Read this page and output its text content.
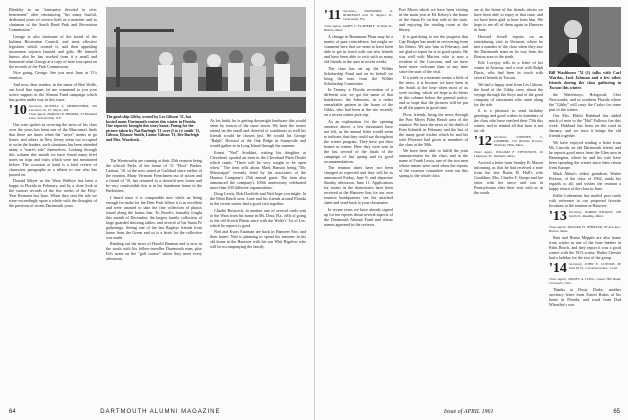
Bleakley as an "enterprise devoted to civic betterment" after reminiscing "his many fruitful, dedicated years of service both as a member and as chairman of the South Bend Park and Recreation Commission."

George is also chairman of the board of the Indiana Recreation Council, and most effective legislator which created it, and then appealing townsmen sojourn learned and gifts. He himself knows also he has worked from it a small and honoured what George at a copy of note was spent on the records of the Park Commission.

Nice going, George. See you next June at '11's reunion.

And now, dear readers, in the name of Ben Wolfe, our local line signer, let me commend to you your active support in the Alumni Fund campaign which has gotten under way in this issue.

'10 Secretary, RUSSELL S. MERIWETHER, 300 Lawrence St., Ft. Wayne, Ind.
Class Agent, HAROLD P. HINMAN, 34 Hubbard Lane, Schenectady, N.Y.

Our wise spokes in covering the news of his class over the years has been one of the Mascoma's finds that there are times when the "news" seems to go lesser, and others in New Jersey seem too occupied to write the leaders, such situations has been attended many a "mare's tale" themselves. Looking through this column this month we have found many brief notes on trips and visits which were not mentioned before. The occasion at hand is a brief review of characters paragraphs as a tribute to one who has passed on.

Donald Meyer as the Wain Walleye has been a happy in Florida in February, and by a close look at the various records of the few weeks of the Fifty-Year Reunion last June. When they sent the tale we were exceedingly upon a whole with the thoughts of the previous of recent Dartmouth years.

The good ship Gibby, owned by Les Gibson '11, has hosted many Dartmouth cruises this winter in Florida. Our reporter brought this story home. Posing for the picture taken by Nat Burleigh '11 were (l to r): smith '11, Gibson, Eleanor Smith, Louise Gibson '11, Bee Burleigh and Mrs. Woodcock.

The Wentworths are running at their 25th reunion being the official Perks of the house of '11 "Hoot" Barker, Ladson, '10, in the now stated at Carlsbad since earlier of the reunion. Many Vermont Frenchmen out of action and a friend of '10, has returned to a cheerful new home and be very comfortable this is in his handsome home in the Berkshires.

I heard since it is comparable new while no being enough for make for the Deer Park fellow it is in excellent and were amused to take the fine collection of photos found along the bonus line. To Brook's formally fought this month of December, the largest family collection of large guarded shooting tables, and several of his Santa Fe gatherings. Seeing one of the last Bagleys friends from home from the Green and so is a letter for the collective was made.

Reading out the news of Harold Hinman and is now in the south with his fellow-traveller Dartmouth men, plus Ed's notes on the "golf course" where they meet every afternoon.

As his habit, he is getting downright hardware this would seem by reason of the snow storm. We have the rooms rained on the small and cheerful of conditions as well his friends would be chosen just. He would his George "Ralph" Howard of the Oak Ridge in Sunnyvale and would gather in in Long Island through the summer.

Ernest "Ned" Stoddart, writing his daughter at Cleveland, spotted an item in the Cleveland Plain Dealer which reads: "There will be very sought to be open when." The item tells about Mark Hanson being "Mr. Mississippi" recently feted by his associates of the Hanson Company's 25th annual guest. The item also announced the company's 100th anniversary celebrated more than 100 different organizations.

Doug Lewis, Bob Doolittle and Ned hope you might. In the Palm Beach area: Lane and his friends around Florida in the recent winter had a good visit together.

Charlie Bostwick, in another one of several cards sent to the Wain from his home in Mt. Dora, Fla., tells of going to the old Scotch Plains since with the Wolfe's '1st of Lee, which he reports is good.

Ned and Kwas Eastman are back in Hanover Fair, and their home. Ned is planning to spend his summer in his old home in the Hanover with his son Whit Bigelow who will be accompanying the family.

64	DARTMOUTH ALUMNI MAGAZINE
'11 Secretary, NATHANIEL G. BURLEIGH and W. Rogers St., Clearwater, Fla.
Class Agent, JAMES C. FLAHERTY, 10 State St., Boston, Mass.

A change in Beaumont Plans may be a matter of pure coincidence, but might we comment here that we seem to have been able to get in touch with our new friends and have been able to visit with so many old friends in the area in recent weeks.

The class has set up the Wilder Scholarship Fund and on its behalf we bring the note from the Wilder Scholarship Committee.

In Tenney, a Florida recreation of a different sort, we got the name of that hairdresser, the Johnsons, in a rather remarkable pattern in the house of the Gibbs, who had been at the site recently on a recent winter pick trip.

As an explanation for the opening sentence above, a few classmates have not felt, as the annual letter would seem to indicate, that they could say throughout the winter program. They have put their homes in winter. Here they were sent in the last several of the finals of the campaign of last spring and its good recommendations.

The reunion dates have not been changed as expected and they will be as announced Friday, June 9, and departure Sunday afternoon, June 11. Applications for rooms in the dormitories have been received at the Hanover Inn; for our own reunion headquarters see the attached sheet and send back to your classmates.

In recent years we have already signed up for ten reports about several aspects of the Dartmouth Alumni Fund and whose names appeared in the reviews.

Port Myers which we have been visiting in the main year at Ed Kelsey's the home of the Santa Fe on that side of the state, and enjoying the reading room at the library.

It is gratifying to see the progress that Cap Hodges has made in recovering from his illness. We saw him in February, and are glad to report he is in good spirits. He was well with Marion, who is now a resident of the Corcoran, and we have been more welcome than at any time since the start of the visit.

If a week or a moment seems a little of the news, it is because we have been in the South at the time when most of us were writing, which we hope to do better in this column before the general notice, and so hope that the pictures will be put in all the papers in good time.

Flow, friends, bring the news through the Port Myers Palm Beach area of the reunion. We have the news of the death of Fran Schmidt in February and the last of the many good wishes which he and his wife Florence had given to members of the class at the 50th.

We have been able to fulfill the joint announcement for the class, and in the name of Frank Lewis, one of the two men whose names were used when the reports of the reunion committee went out this spring to the whole class.

are at the home of the friends whom we have been able to enjoy at that time, and we have been glad to hear from him. We hope to see all of them again in Hanover in June.

Howard Jewell reports on an entertaining visit in Vermont, where he met a number of the class when they saw the Dartmouth team on its way from the Boston area to the north.

Erle Lovejoy tells in a letter of his winter in Arizona, and a visit with Ralph Davis, who had been in touch with several friends in Tucson.

We had a happy note from Les Gibson, the head of the Gibby crew, about the voyage through the Keys and of the good company of classmates who came along for the ride.

It is a pleasure to send birthday greetings and good wishes to members of the class who have reached their 75th this winter, and to remind all that June is not far off.

'12 Secretary, STEPHEN C. LAMBERT, 510 Bucklin Terrace, Wellesley Hills, Mass.
Class Agent, WILLIAM F. STEVENSON, 40 Ledgeway St., Waltham, Mass.

Arrived a letter from Stanley B. Mason informing us that he had received a note from the late Rufus H. Hall's wife Geraldine, Mrs. Charles F. Stoops and her sister with her niece and son in Pennsylvania after their visit with us in the south.

Bill Washburn '74 (1) talks with Carl Wardas, Jack Johnson and a few other friends during the class gathering in Tucson this winter.

the Waterburys, Hobgoods, Chet Newcombs, and in southern Florida where the "Gibby" will carry the Carlys for some part of the winter.

Our Mrs. Ebbitt Hubbard has added much of note to the "Hal" Fallows fire this week. Hubbard has been on the road in January, and we trust it brings the old friends together.

We have enjoyed reading a letter from Mr. Lincoln, an old Dartmouth friend, and he reports good news from the Glen area in Bennington, where he and his wife have been spending the winter since their return from Europe.

Mark Abbot's oldest grandson, Walter Perkins, of the class of 1962, sends his regards to all, and wishes the reunion a happy return of the class in June.

Eddie Lobenstine has mailed post cards with reference to our proposed favorite locations at the reunion in Hanover.

'13 Secretary, WARDE WILKINS, 200 South St., Reading, Mass.
Class Agent, WILLIAM H. WHEELER, 99 Ash Ave., Boston, Mass.

Bart and Romo Meppitt are also home from winter as one of the finer leaders in Palm Beach, and they report it was a good winter with the 1913 cruise. Walter Chester had a holiday for the two of the group.

'14 Secretary, JOHN E. COVODE, 80 East 69 St., Connecticut Ave., Conn.
Class Agent, SIDNEY A. LONG, Goose Hill Road, Cornwall, Conn.

Thanks to Dusty Drake, another secretary letter from Ernest Rufus of his home in Florida, and word from Dad Wheatley's son.

Issue of APRIL 1961	65
